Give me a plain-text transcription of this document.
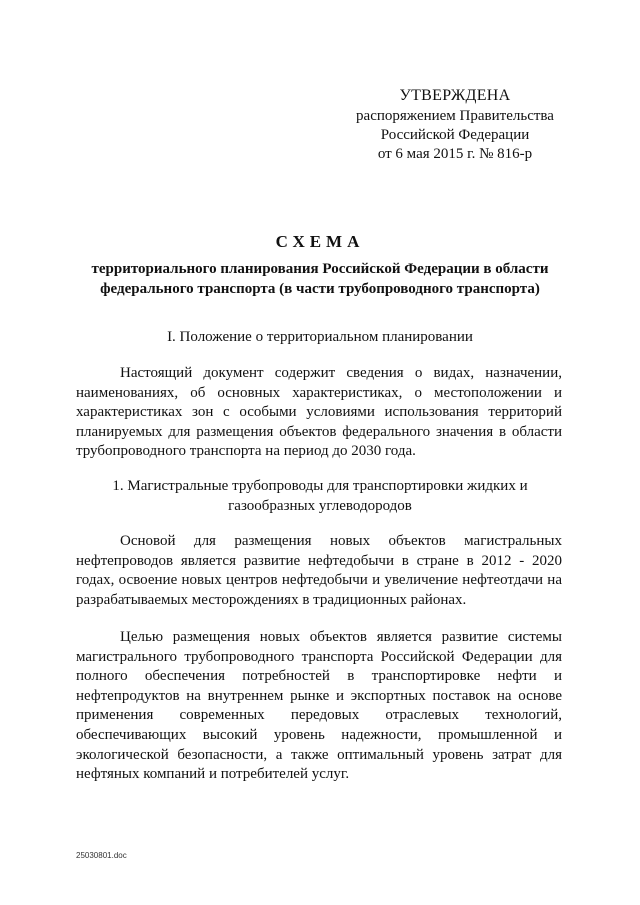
УТВЕРЖДЕНА
распоряжением Правительства
Российской Федерации
от 6 мая 2015 г. № 816-р
СХЕМА
территориального планирования Российской Федерации в области федерального транспорта (в части трубопроводного транспорта)
I. Положение о территориальном планировании
Настоящий документ содержит сведения о видах, назначении, наименованиях, об основных характеристиках, о местоположении и характеристиках зон с особыми условиями использования территорий планируемых для размещения объектов федерального значения в области трубопроводного транспорта на период до 2030 года.
1. Магистральные трубопроводы для транспортировки жидких и газообразных углеводородов
Основой для размещения новых объектов магистральных нефтепроводов является развитие нефтедобычи в стране в 2012 - 2020 годах, освоение новых центров нефтедобычи и увеличение нефтеотдачи на разрабатываемых месторождениях в традиционных районах.
Целью размещения новых объектов является развитие системы магистрального трубопроводного транспорта Российской Федерации для полного обеспечения потребностей в транспортировке нефти и нефтепродуктов на внутреннем рынке и экспортных поставок на основе применения современных передовых отраслевых технологий, обеспечивающих высокий уровень надежности, промышленной и экологической безопасности, а также оптимальный уровень затрат для нефтяных компаний и потребителей услуг.
25030801.doc
